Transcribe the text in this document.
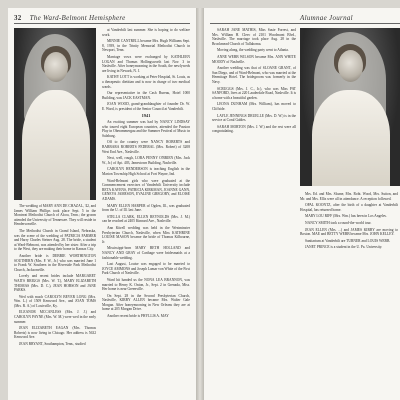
32 The Ward-Belmont Hemisphere

The wedding of MARY ANN DE CHAZAL, '42, and James William Phillips took place Sept. 5 in the Montreat Methodist Church of Alcoa, Tenn.; the groom attended the University of Tennessee. They will reside in Hendersonville.

The Methodist Church in Grand Island, Nebraska, was the scene of the wedding of PATRICIA FARMER and Harry Charles Steiner Aug. 28. The bride, a student at Ward-Belmont, was attended by her sister. After a trip to the West, they are making their home in Kansas City.

Another bride is DEBBIE WORTHINGTON SOUTHERN (Mrs. F. W., Jr.) who was married June 1 to Frank W. Southern in the Riverside Park Methodist Church, Jacksonville.

Lovely and recent brides include MARGARET WAITS BRIGGS (Mrs. W. T.), MARY ELIZABETH THOMAS (Mrs. D. C.), JEAN HOBSON and JANE PARKS.

Wed with much CAROLYN BEVER LONG (Mrs. Wm. L.) of 1509 Kenwood Ave., and JOAN TOMS (Mrs. R. A.) of Louisville, Ky.

ELEANOR MCCANLESS (Mrs. J. J.) and CAROLYN PAYNE (Mrs. W. M.) were wed in the early summer.

JEAN ELIZABETH EAGAN (Mrs. Thomas Roberts) is now living in Chicago. Her address is 5632 Kenwood Ave.

JEAN BRYANT, Southampton, Tenn., studied

at Vanderbilt last summer. She is hoping to do welfare work.

MINNIE CANTRELL became Mrs. Hugh Williams Sept. 8, 1939, in the Trinity Memorial Methodist Church in Newport, Tenn.

Marriage vows were exchanged by KATHLEEN LOGAN and Thomas Hollingsworth last Nov. 3 in Nashville. After honeymooning in the South, the newlyweds are living in Newark, N. J.

KATHY LOTT is working at Peter Hospital, St. Louis, as a therapeutic dietitian and is now in charge of two medical wards.

Our representative in the Cash Bureau, Hotel 1000 Building, was JACK EASTMAN.

JOAN WOOD, grand-granddaughter of founder Dr. W. E. Ward, is president of the Senior Council at Vanderbilt.

1941

An exciting summer was had by NANCY LINDSAY who toured eight European countries, attended the Passion Play in Oberammergau and the Summer Festival of Music in Salzburg.

Off to the country were NANCY ROBERTS and BARBARA ROBERTS FEDERAL (Mrs. Robert) of 3208 West End Ave., Nashville.

Next, well, rough, LORA PENNY O'BRIEN (Mrs. Jack W., Jr.) of Apt. 403, Jamestown Building, Nashville.

CAROLYN HENDERSON is teaching English in the Marion Township High School at Fort Wayne, Ind.

Ward-Belmont girls who were graduated at the Commencement exercises of Vanderbilt University include RETA KAVENS, PATRICIA KIRKMAN, JOANNE GANN, GENEVA JAMESON, EVALINE GREGORY, and ELOISE ADAMS.

MARY ELLEN HARPER of Ogden, Ill., was graduated from the U. of Ill. last June.

STELLA CLARK, ELLEN REYNOLDS (Mrs. J. M.) can be reached at 2405 Kinnard Ave., Nashville.

Ann Kitrell wedding was held in the Westminster Presbyterian Church, Nashville, when Miss KATHRINE LOUISE MASON became the bride of Thomas Kilbourne, Jr.

Mississippi-born MARY BETH HOLLAND and NANCY AND GRAY of Carthage were bridesmaids at a fashionable wedding.

Last August, Louise was engaged to be married to JOYCE AMMONS and Joseph Lamar von White of the First Park Church of Nashville.

Ward hit handed us the NONA LEA BRANNON, was married to Henry K. Onion, Jr., Sept. 2 in Grenada, Miss. Her home is near Greenville.

On Sept. 28 in the Second Presbyterian Church, Nashville, KIRBY ALLEN became Mrs. Walter Gale Morgan. After honeymooning in New Orleans they are at home at 205 Morgan Drive.

Another recent bride is PHYLLIS A. MAY

Alumnae Journal

SARAH JANE MATHIS, Miss Susie Forrest, and Mrs. William H. Cleec of 2101 Woodmont Blvd., Nashville. The marriage took place Aug. 28 in the Brookmead Church of Tullahoma.

Moving along, the wedding party went to Atlanta.

ANNE WEBB WILSON became Mrs. ANN WHITE MOODY of Nashville.

Another wedding was that of SLOANE GRANT, of San Diego, and of Ward-Belmont, who was married at the Hermitage Hotel. The bridegroom was formerly in the Navy.

SCRUGGS (Mrs. J. C., Jr.), who was Miss PAT SANFORD, lives at 220 Lauderdale Road, Nashville. It is a home with a beautiful garden.

LEONA DUNHAM (Mrs. William), has moved to Cliffside.

LAYLE JENNINGS DRUELLE (Mrs. D. W.) is in the service at Coral Gables.

SARAH MORTON (Mrs. J. W.) and the rest were all congratulating.

Mrs. Ed. and Mrs. Sloane, Mrs. Robt. Wood, Mrs. Sutton, and Mr. and Mrs. Ellis were all in attendance. A reception followed.

OPAL KOONTZ, after the birth of a daughter at Vanderbilt Hospital, has returned home.

MARY LOU RIFF (Mrs. Wm.) has been in Los Angeles.

NANCY SMITH took a round-the-world tour.

JEAN ELLEN (Mrs. ...) and JAMES KIRBY are moving to Boston. MAE and BETTY WEBB became Mrs. JOHN KELLEY.

Sanitarium at Vanderbilt are TURNER and LOUIS WEBB.

JANET PRINCE is a student in the U. Pa. University.
